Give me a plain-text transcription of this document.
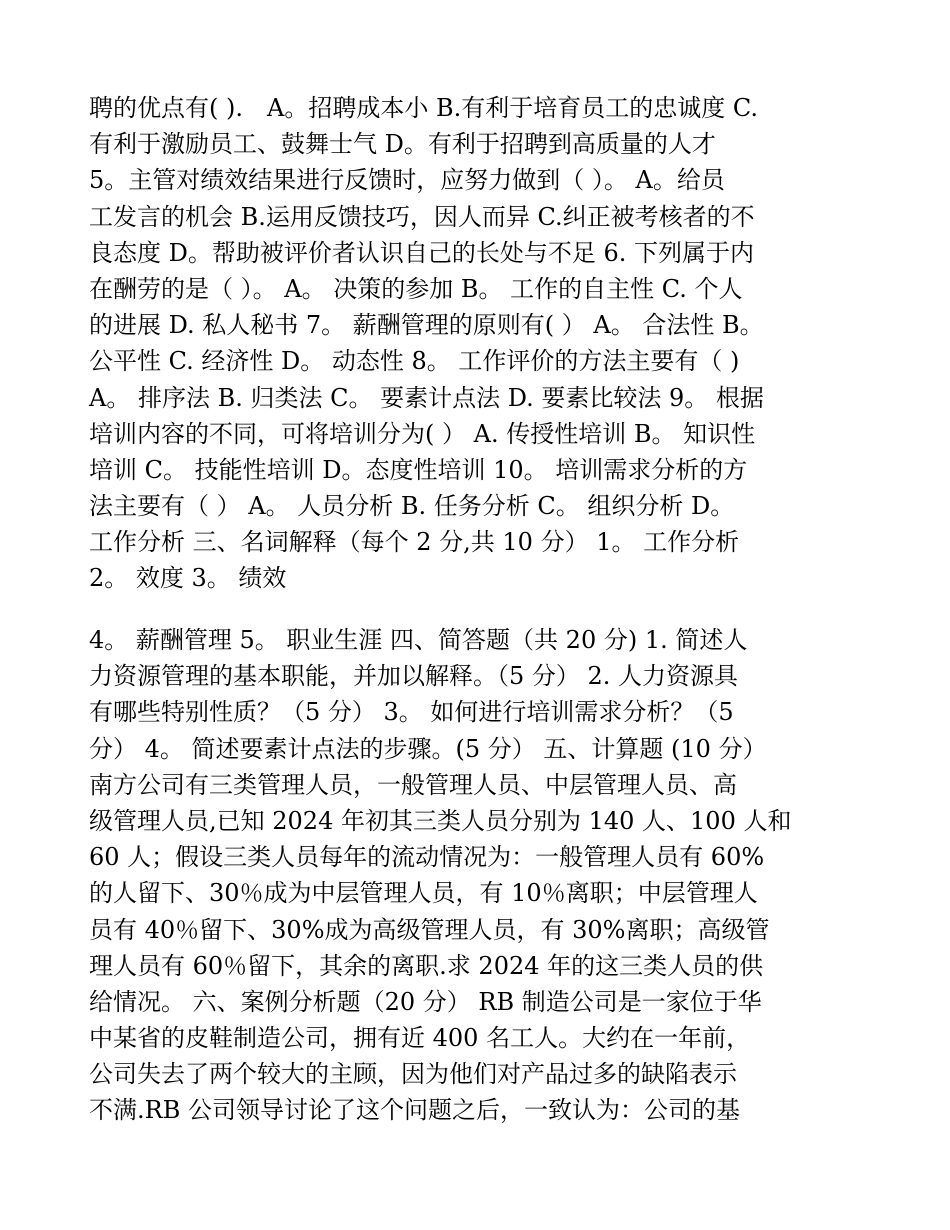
聘的优点有( ).　A。招聘成本小 B.有利于培育员工的忠诚度 C.
有利于激励员工、鼓舞士气 D。有利于招聘到高质量的人才
5。主管对绩效结果进行反馈时，应努力做到（ ）。 A。给员
工发言的机会 B.运用反馈技巧，因人而异 C.纠正被考核者的不
良态度 D。帮助被评价者认识自己的长处与不足 6. 下列属于内
在酬劳的是（ ）。 A。 决策的参加 B。 工作的自主性 C. 个人
的进展 D. 私人秘书 7。 薪酬管理的原则有( ） A。 合法性 B。
公平性 C. 经济性 D。 动态性 8。 工作评价的方法主要有（ )
A。 排序法 B. 归类法 C。 要素计点法 D. 要素比较法 9。 根据
培训内容的不同，可将培训分为( ） A. 传授性培训 B。 知识性
培训 C。 技能性培训 D。态度性培训 10。 培训需求分析的方
法主要有（ ） A。 人员分析 B. 任务分析 C。 组织分析 D。
工作分析 三、名词解释（每个 2 分,共 10 分） 1。 工作分析
2。 效度 3。 绩效
4。 薪酬管理 5。 职业生涯 四、简答题（共 20 分) 1. 简述人
力资源管理的基本职能，并加以解释。（5 分） 2. 人力资源具
有哪些特别性质？（5 分） 3。 如何进行培训需求分析？（5
分） 4。 简述要素计点法的步骤。(5 分） 五、计算题 (10 分）
南方公司有三类管理人员，一般管理人员、中层管理人员、高
级管理人员,已知 2024 年初其三类人员分别为 140 人、100 人和
60 人；假设三类人员每年的流动情况为：一般管理人员有 60%
的人留下、30％成为中层管理人员，有 10％离职；中层管理人
员有 40％留下、30%成为高级管理人员，有 30%离职；高级管
理人员有 60％留下，其余的离职.求 2024 年的这三类人员的供
给情况。 六、案例分析题（20 分） RB 制造公司是一家位于华
中某省的皮鞋制造公司，拥有近 400 名工人。大约在一年前，
公司失去了两个较大的主顾，因为他们对产品过多的缺陷表示
不满.RB 公司领导讨论了这个问题之后，一致认为：公司的基
